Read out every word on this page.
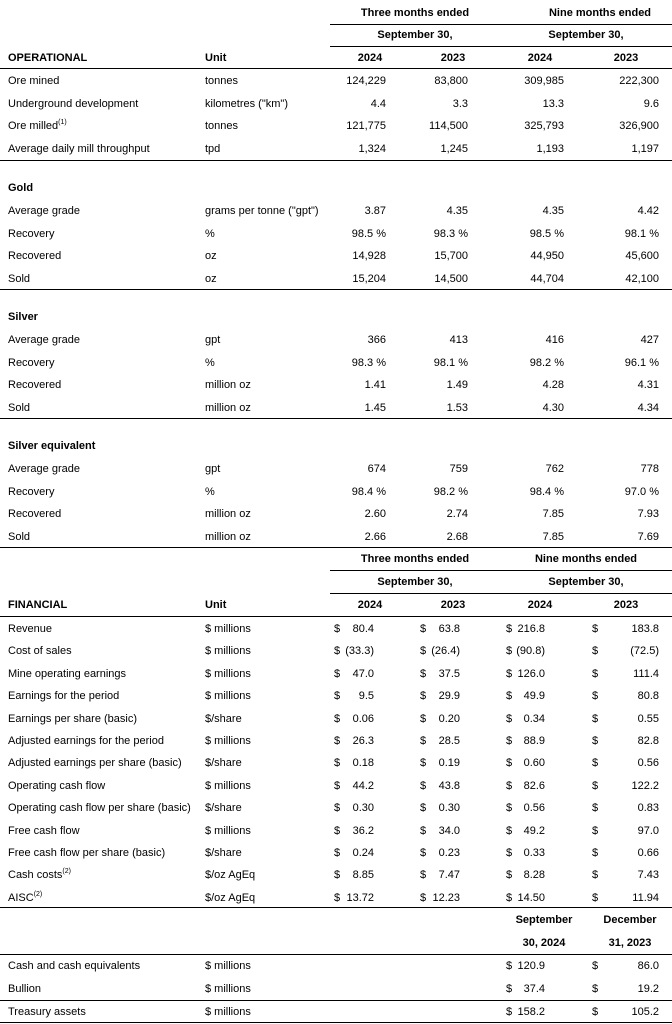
Three months ended	Nine months ended
September 30,	September 30,
OPERATIONAL	Unit	2024	2023	2024	2023
Ore mined	tonnes	124,229	83,800	309,985	222,300
Underground development	kilometres ("km")	4.4	3.3	13.3	9.6
Ore milled$^{(1)}$	tonnes	121,775	114,500	325,793	326,900
Average daily mill throughput	tpd	1,324	1,245	1,193	1,197
Gold
Average grade	grams per tonne ("gpt")	3.87	4.35	4.35	4.42
Recovery	%	98.5 %	98.3 %	98.5 %	98.1 %
Recovered	oz	14,928	15,700	44,950	45,600
Sold	oz	15,204	14,500	44,704	42,100
Silver
Average grade	gpt	366	413	416	427
Recovery	%	98.3 %	98.1 %	98.2 %	96.1 %
Recovered	million oz	1.41	1.49	4.28	4.31
Sold	million oz	1.45	1.53	4.30	4.34
Silver equivalent
Average grade	gpt	674	759	762	778
Recovery	%	98.4 %	98.2 %	98.4 %	97.0 %
Recovered	million oz	2.60	2.74	7.85	7.93
Sold	million oz	2.66	2.68	7.85	7.69
Three months ended	Nine months ended
September 30,	September 30,
FINANCIAL	Unit	2024	2023	2024	2023
Revenue	$ millions	$	80.4	$	63.8	$ 216.8	$	183.8
Cost of sales	$ millions	$ (33.3)	$ (26.4)	$ (90.8)	$	(72.5)
Mine operating earnings	$ millions	$	47.0	$	37.5	$ 126.0	$	111.4
Earnings for the period	$ millions	$	9.5	$	29.9	$	49.9	$	80.8
Earnings per share (basic)	$/share	$	0.06	$	0.20	$	0.34	$	0.55
Adjusted earnings for the period	$ millions	$	26.3	$	28.5	$	88.9	$	82.8
Adjusted earnings per share (basic) $/share	$	0.18	$	0.19	$	0.60	$	0.56
Operating cash flow	$ millions	$	44.2	$	43.8	$	82.6	$	122.2
Operating cash flow per share (basic) $/share	$	0.30	$	0.30	$	0.56	$	0.83
Free cash flow	$ millions	$	36.2	$	34.0	$	49.2	$	97.0
Free cash flow per share (basic)	$/share	$	0.24	$	0.23	$	0.33	$	0.66
Cash costs$^{(2)}$	$/oz AgEq	$	8.85	$	7.47	$	8.28	$	7.43
AISC$^{(2)}$	$/oz AgEq	$ 13.72	$ 12.23	$ 14.50	$	11.94
September	December
30, 2024	31, 2023
Cash and cash equivalents	$ millions	$ 120.9	$	86.0
Bullion	$ millions	$	37.4	$	19.2
Treasury assets	$ millions	$ 158.2	$	105.2
